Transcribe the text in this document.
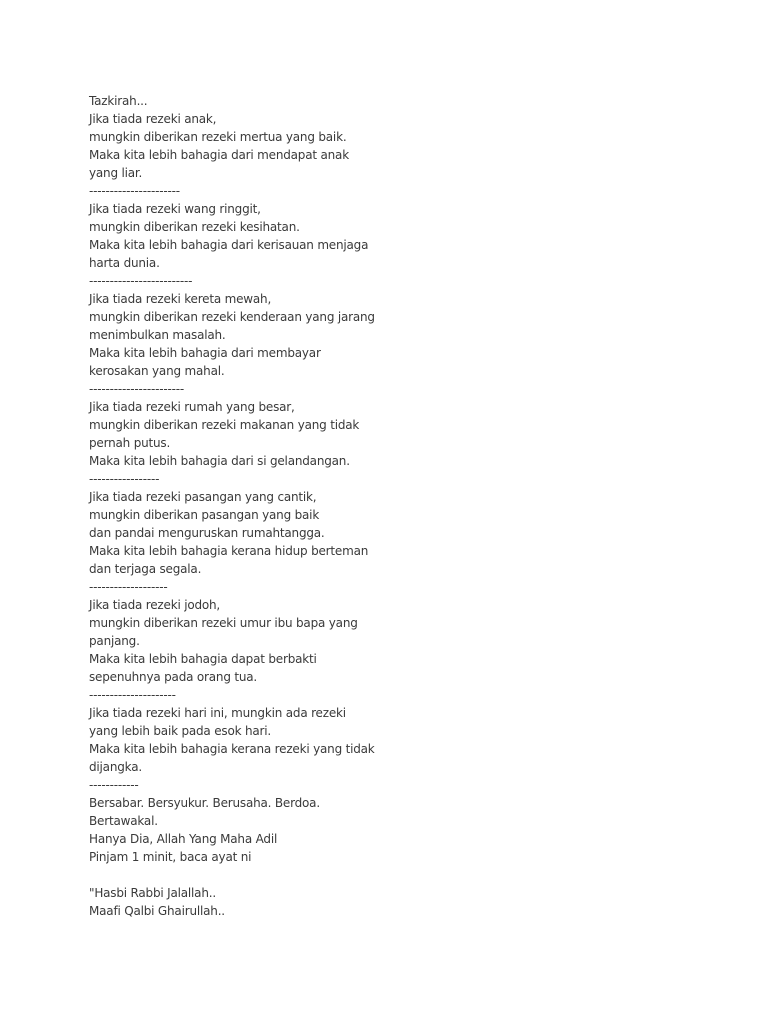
Tazkirah...
Jika tiada rezeki anak,
mungkin diberikan rezeki mertua yang baik.
Maka kita lebih bahagia dari mendapat anak
yang liar.
----------------------
Jika tiada rezeki wang ringgit,
mungkin diberikan rezeki kesihatan.
Maka kita lebih bahagia dari kerisauan menjaga
harta dunia.
-------------------------
Jika tiada rezeki kereta mewah,
mungkin diberikan rezeki kenderaan yang jarang
menimbulkan masalah.
Maka kita lebih bahagia dari membayar
kerosakan yang mahal.
-----------------------
Jika tiada rezeki rumah yang besar,
mungkin diberikan rezeki makanan yang tidak
pernah putus.
Maka kita lebih bahagia dari si gelandangan.
-----------------
Jika tiada rezeki pasangan yang cantik,
mungkin diberikan pasangan yang baik
dan pandai menguruskan rumahtangga.
Maka kita lebih bahagia kerana hidup berteman
dan terjaga segala.
-------------------
Jika tiada rezeki jodoh,
mungkin diberikan rezeki umur ibu bapa yang
panjang.
Maka kita lebih bahagia dapat berbakti
sepenuhnya pada orang tua.
---------------------
Jika tiada rezeki hari ini, mungkin ada rezeki
yang lebih baik pada esok hari.
Maka kita lebih bahagia kerana rezeki yang tidak
dijangka.
------------
Bersabar. Bersyukur. Berusaha. Berdoa.
Bertawakal.
Hanya Dia, Allah Yang Maha Adil
Pinjam 1 minit, baca ayat ni
"Hasbi Rabbi Jalallah..
Maafi Qalbi Ghairullah..
